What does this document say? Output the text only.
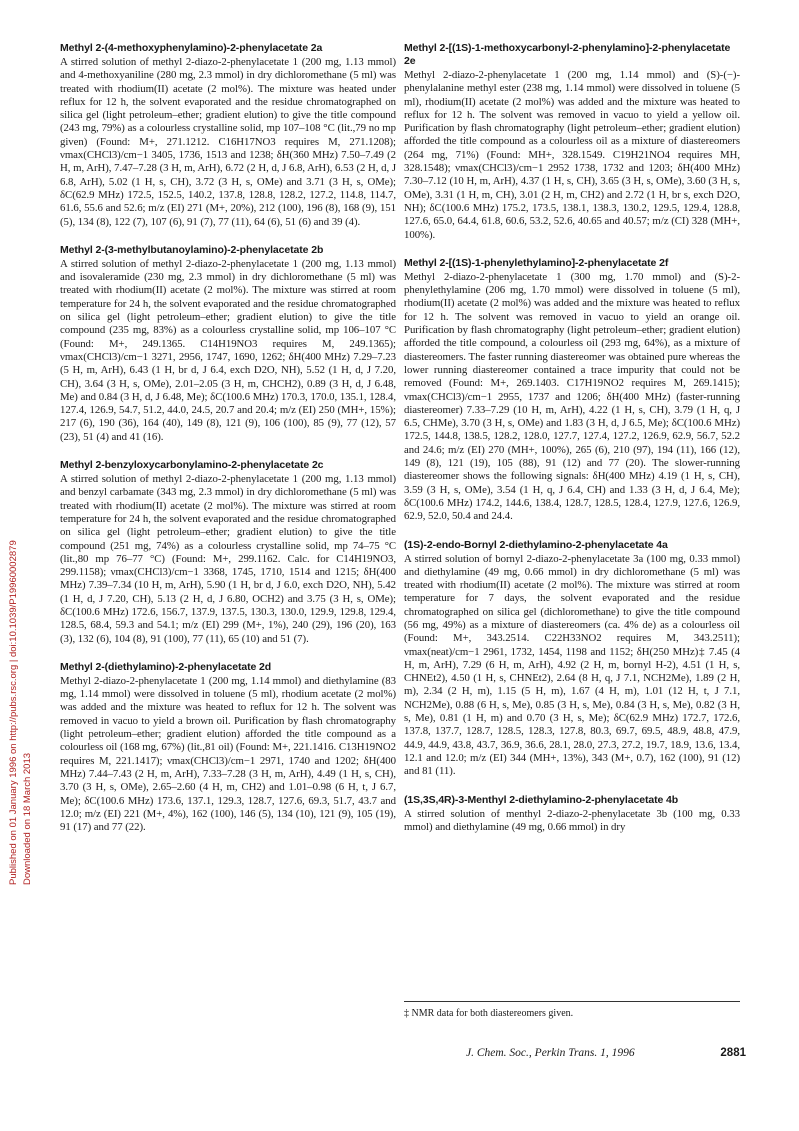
Published on 01 January 1996 on http://pubs.rsc.org | doi:10.1039/P19960002879 Downloaded on 18 March 2013
Methyl 2-(4-methoxyphenylamino)-2-phenylacetate 2a

A stirred solution of methyl 2-diazo-2-phenylacetate 1 (200 mg, 1.13 mmol) and 4-methoxyaniline (280 mg, 2.3 mmol) in dry dichloromethane (5 ml) was treated with rhodium(II) acetate (2 mol%). The mixture was heated under reflux for 12 h, the solvent evaporated and the residue chromatographed on silica gel (light petroleum–ether; gradient elution) to give the title compound (243 mg, 79%) as a colourless crystalline solid, mp 107–108 °C (lit.,79 no mp given) (Found: M+, 271.1212. C16H17NO3 requires M, 271.1208); νmax(CHCl3)/cm−1 3405, 1736, 1513 and 1238; δH(360 MHz) 7.50–7.49 (2 H, m, ArH), 7.47–7.28 (3 H, m, ArH), 6.72 (2 H, d, J 6.8, ArH), 6.53 (2 H, d, J 6.8, ArH), 5.02 (1 H, s, CH), 3.72 (3 H, s, OMe) and 3.71 (3 H, s, OMe); δC(62.9 MHz) 172.5, 152.5, 140.2, 137.8, 128.8, 128.2, 127.2, 114.8, 114.7, 61.6, 55.6 and 52.6; m/z (EI) 271 (M+, 20%), 212 (100), 196 (8), 168 (9), 151 (5), 134 (8), 122 (7), 107 (6), 91 (7), 77 (11), 64 (6), 51 (6) and 39 (4).

Methyl 2-(3-methylbutanoylamino)-2-phenylacetate 2b

A stirred solution of methyl 2-diazo-2-phenylacetate 1 (200 mg, 1.13 mmol) and isovaleramide (230 mg, 2.3 mmol) in dry dichloromethane (5 ml) was treated with rhodium(II) acetate (2 mol%). The mixture was stirred at room temperature for 24 h, the solvent evaporated and the residue chromatographed on silica gel (light petroleum–ether; gradient elution) to give the title compound (235 mg, 83%) as a colourless crystalline solid, mp 106–107 °C (Found: M+, 249.1365. C14H19NO3 requires M, 249.1365); νmax(CHCl3)/cm−1 3271, 2956, 1747, 1690, 1262; δH(400 MHz) 7.29–7.23 (5 H, m, ArH), 6.43 (1 H, br d, J 6.4, exch D2O, NH), 5.52 (1 H, d, J 7.20, CH), 3.64 (3 H, s, OMe), 2.01–2.05 (3 H, m, CHCH2), 0.89 (3 H, d, J 6.48, Me) and 0.84 (3 H, d, J 6.48, Me); δC(100.6 MHz) 170.3, 170.0, 135.1, 128.4, 127.4, 126.9, 54.7, 51.2, 44.0, 24.5, 20.7 and 20.4; m/z (EI) 250 (MH+, 15%); 217 (6), 190 (36), 164 (40), 149 (8), 121 (9), 106 (100), 85 (9), 77 (12), 57 (23), 51 (4) and 41 (16).

Methyl 2-benzyloxycarbonylamino-2-phenylacetate 2c

A stirred solution of methyl 2-diazo-2-phenylacetate 1 (200 mg, 1.13 mmol) and benzyl carbamate (343 mg, 2.3 mmol) in dry dichloromethane (5 ml) was treated with rhodium(II) acetate (2 mol%). The mixture was stirred at room temperature for 24 h, the solvent evaporated and the residue chromatographed on silica gel (light petroleum–ether; gradient elution) to give the title compound (251 mg, 74%) as a colourless crystalline solid, mp 74–75 °C (lit.,80 mp 76–77 °C) (Found: M+, 299.1162. Calc. for C14H19NO3, 299.1158); νmax(CHCl3)/cm−1 3368, 1745, 1710, 1514 and 1215; δH(400 MHz) 7.39–7.34 (10 H, m, ArH), 5.90 (1 H, br d, J 6.0, exch D2O, NH), 5.42 (1 H, d, J 7.20, CH), 5.13 (2 H, d, J 6.80, OCH2) and 3.75 (3 H, s, OMe); δC(100.6 MHz) 172.6, 156.7, 137.9, 137.5, 130.3, 130.0, 129.9, 129.8, 129.4, 128.5, 68.4, 59.3 and 54.1; m/z (EI) 299 (M+, 1%), 240 (29), 196 (20), 163 (3), 132 (6), 104 (8), 91 (100), 77 (11), 65 (10) and 51 (7).

Methyl 2-(diethylamino)-2-phenylacetate 2d

Methyl 2-diazo-2-phenylacetate 1 (200 mg, 1.14 mmol) and diethylamine (83 mg, 1.14 mmol) were dissolved in toluene (5 ml), rhodium acetate (2 mol%) was added and the mixture was heated to reflux for 12 h. The solvent was removed in vacuo to yield a brown oil. Purification by flash chromatography (light petroleum–ether; gradient elution) afforded the title compound as a colourless oil (168 mg, 67%) (lit.,81 oil) (Found: M+, 221.1416. C13H19NO2 requires M, 221.1417); νmax(CHCl3)/cm−1 2971, 1740 and 1202; δH(400 MHz) 7.44–7.43 (2 H, m, ArH), 7.33–7.28 (3 H, m, ArH), 4.49 (1 H, s, CH), 3.70 (3 H, s, OMe), 2.65–2.60 (4 H, m, CH2) and 1.01–0.98 (6 H, t, J 6.7, Me); δC(100.6 MHz) 173.6, 137.1, 129.3, 128.7, 127.6, 69.3, 51.7, 43.7 and 12.0; m/z (EI) 221 (M+, 4%), 162 (100), 146 (5), 134 (10), 121 (9), 105 (19), 91 (17) and 77 (22).

Methyl 2-[(1S)-1-methoxycarbonyl-2-phenylamino]-2-phenylacetate 2e

Methyl 2-diazo-2-phenylacetate 1 (200 mg, 1.14 mmol) and (S)-(−)-phenylalanine methyl ester (238 mg, 1.14 mmol) were dissolved in toluene (5 ml), rhodium(II) acetate (2 mol%) was added and the mixture was heated to reflux for 12 h. The solvent was removed in vacuo to yield a yellow oil. Purification by flash chromatography (light petroleum–ether; gradient elution) afforded the title compound as a colourless oil as a mixture of diastereomers (264 mg, 71%) (Found: MH+, 328.1549. C19H21NO4 requires MH, 328.1548); νmax(CHCl3)/cm−1 2952 1738, 1732 and 1203; δH(400 MHz) 7.30–7.12 (10 H, m, ArH), 4.37 (1 H, s, CH), 3.65 (3 H, s, OMe), 3.60 (3 H, s, OMe), 3.31 (1 H, m, CH), 3.01 (2 H, m, CH2) and 2.72 (1 H, br s, exch D2O, NH); δC(100.6 MHz) 175.2, 173.5, 138.1, 138.3, 130.2, 129.5, 129.4, 128.8, 127.6, 65.0, 64.4, 61.8, 60.6, 53.2, 52.6, 40.65 and 40.57; m/z (CI) 328 (MH+, 100%).

Methyl 2-[(1S)-1-phenylethylamino]-2-phenylacetate 2f

Methyl 2-diazo-2-phenylacetate 1 (300 mg, 1.70 mmol) and (S)-2-phenylethylamine (206 mg, 1.70 mmol) were dissolved in toluene (5 ml), rhodium(II) acetate (2 mol%) was added and the mixture was heated to reflux for 12 h. The solvent was removed in vacuo to yield an orange oil. Purification by flash chromatography (light petroleum–ether; gradient elution) afforded the title compound, a colourless oil (293 mg, 64%), as a mixture of diastereomers. The faster running diastereomer was obtained pure whereas the lower running diastereomer contained a trace impurity that could not be removed (Found: M+, 269.1403. C17H19NO2 requires M, 269.1415); νmax(CHCl3)/cm−1 2955, 1737 and 1206; δH(400 MHz) (faster-running diastereomer) 7.33–7.29 (10 H, m, ArH), 4.22 (1 H, s, CH), 3.79 (1 H, q, J 6.5, CHMe), 3.70 (3 H, s, OMe) and 1.83 (3 H, d, J 6.5, Me); δC(100.6 MHz) 172.5, 144.8, 138.5, 128.2, 128.0, 127.7, 127.4, 127.2, 126.9, 62.9, 56.7, 52.2 and 24.6; m/z (EI) 270 (MH+, 100%), 265 (6), 210 (97), 194 (11), 166 (12), 149 (8), 121 (19), 105 (88), 91 (12) and 77 (20). The slower-running diastereomer shows the following signals: δH(400 MHz) 4.19 (1 H, s, CH), 3.59 (3 H, s, OMe), 3.54 (1 H, q, J 6.4, CH) and 1.33 (3 H, d, J 6.4, Me); δC(100.6 MHz) 174.2, 144.6, 138.4, 128.7, 128.5, 128.4, 127.9, 127.6, 126.9, 62.9, 52.0, 50.4 and 24.4.

(1S)-2-endo-Bornyl 2-diethylamino-2-phenylacetate 4a

A stirred solution of bornyl 2-diazo-2-phenylacetate 3a (100 mg, 0.33 mmol) and diethylamine (49 mg, 0.66 mmol) in dry dichloromethane (5 ml) was treated with rhodium(II) acetate (2 mol%). The mixture was stirred at room temperature for 7 days, the solvent evaporated and the residue chromatographed on silica gel (dichloromethane) to give the title compound (56 mg, 49%) as a mixture of diastereomers (ca. 4% de) as a colourless oil (Found: M+, 343.2514. C22H33NO2 requires M, 343.2511); νmax(neat)/cm−1 2961, 1732, 1454, 1198 and 1152; δH(250 MHz)‡ 7.45 (4 H, m, ArH), 7.29 (6 H, m, ArH), 4.92 (2 H, m, bornyl H-2), 4.51 (1 H, s, CHNEt2), 4.50 (1 H, s, CHNEt2), 2.64 (8 H, q, J 7.1, NCH2Me), 1.89 (2 H, m), 2.34 (2 H, m), 1.15 (5 H, m), 1.67 (4 H, m), 1.01 (12 H, t, J 7.1, NCH2Me), 0.88 (6 H, s, Me), 0.85 (3 H, s, Me), 0.84 (3 H, s, Me), 0.82 (3 H, s, Me), 0.81 (1 H, m) and 0.70 (3 H, s, Me); δC(62.9 MHz) 172.7, 172.6, 137.8, 137.7, 128.7, 128.5, 128.3, 127.8, 80.3, 69.7, 69.5, 48.9, 48.8, 47.9, 44.9, 44.9, 43.8, 43.7, 36.9, 36.6, 28.1, 28.0, 27.3, 27.2, 19.7, 18.9, 13.6, 13.4, 12.1 and 12.0; m/z (EI) 344 (MH+, 13%), 343 (M+, 0.7), 162 (100), 91 (12) and 81 (11).

(1S,3S,4R)-3-Menthyl 2-diethylamino-2-phenylacetate 4b

A stirred solution of menthyl 2-diazo-2-phenylacetate 3b (100 mg, 0.33 mmol) and diethylamine (49 mg, 0.66 mmol) in dry

‡ NMR data for both diastereomers given.
J. Chem. Soc., Perkin Trans. 1, 1996	2881
